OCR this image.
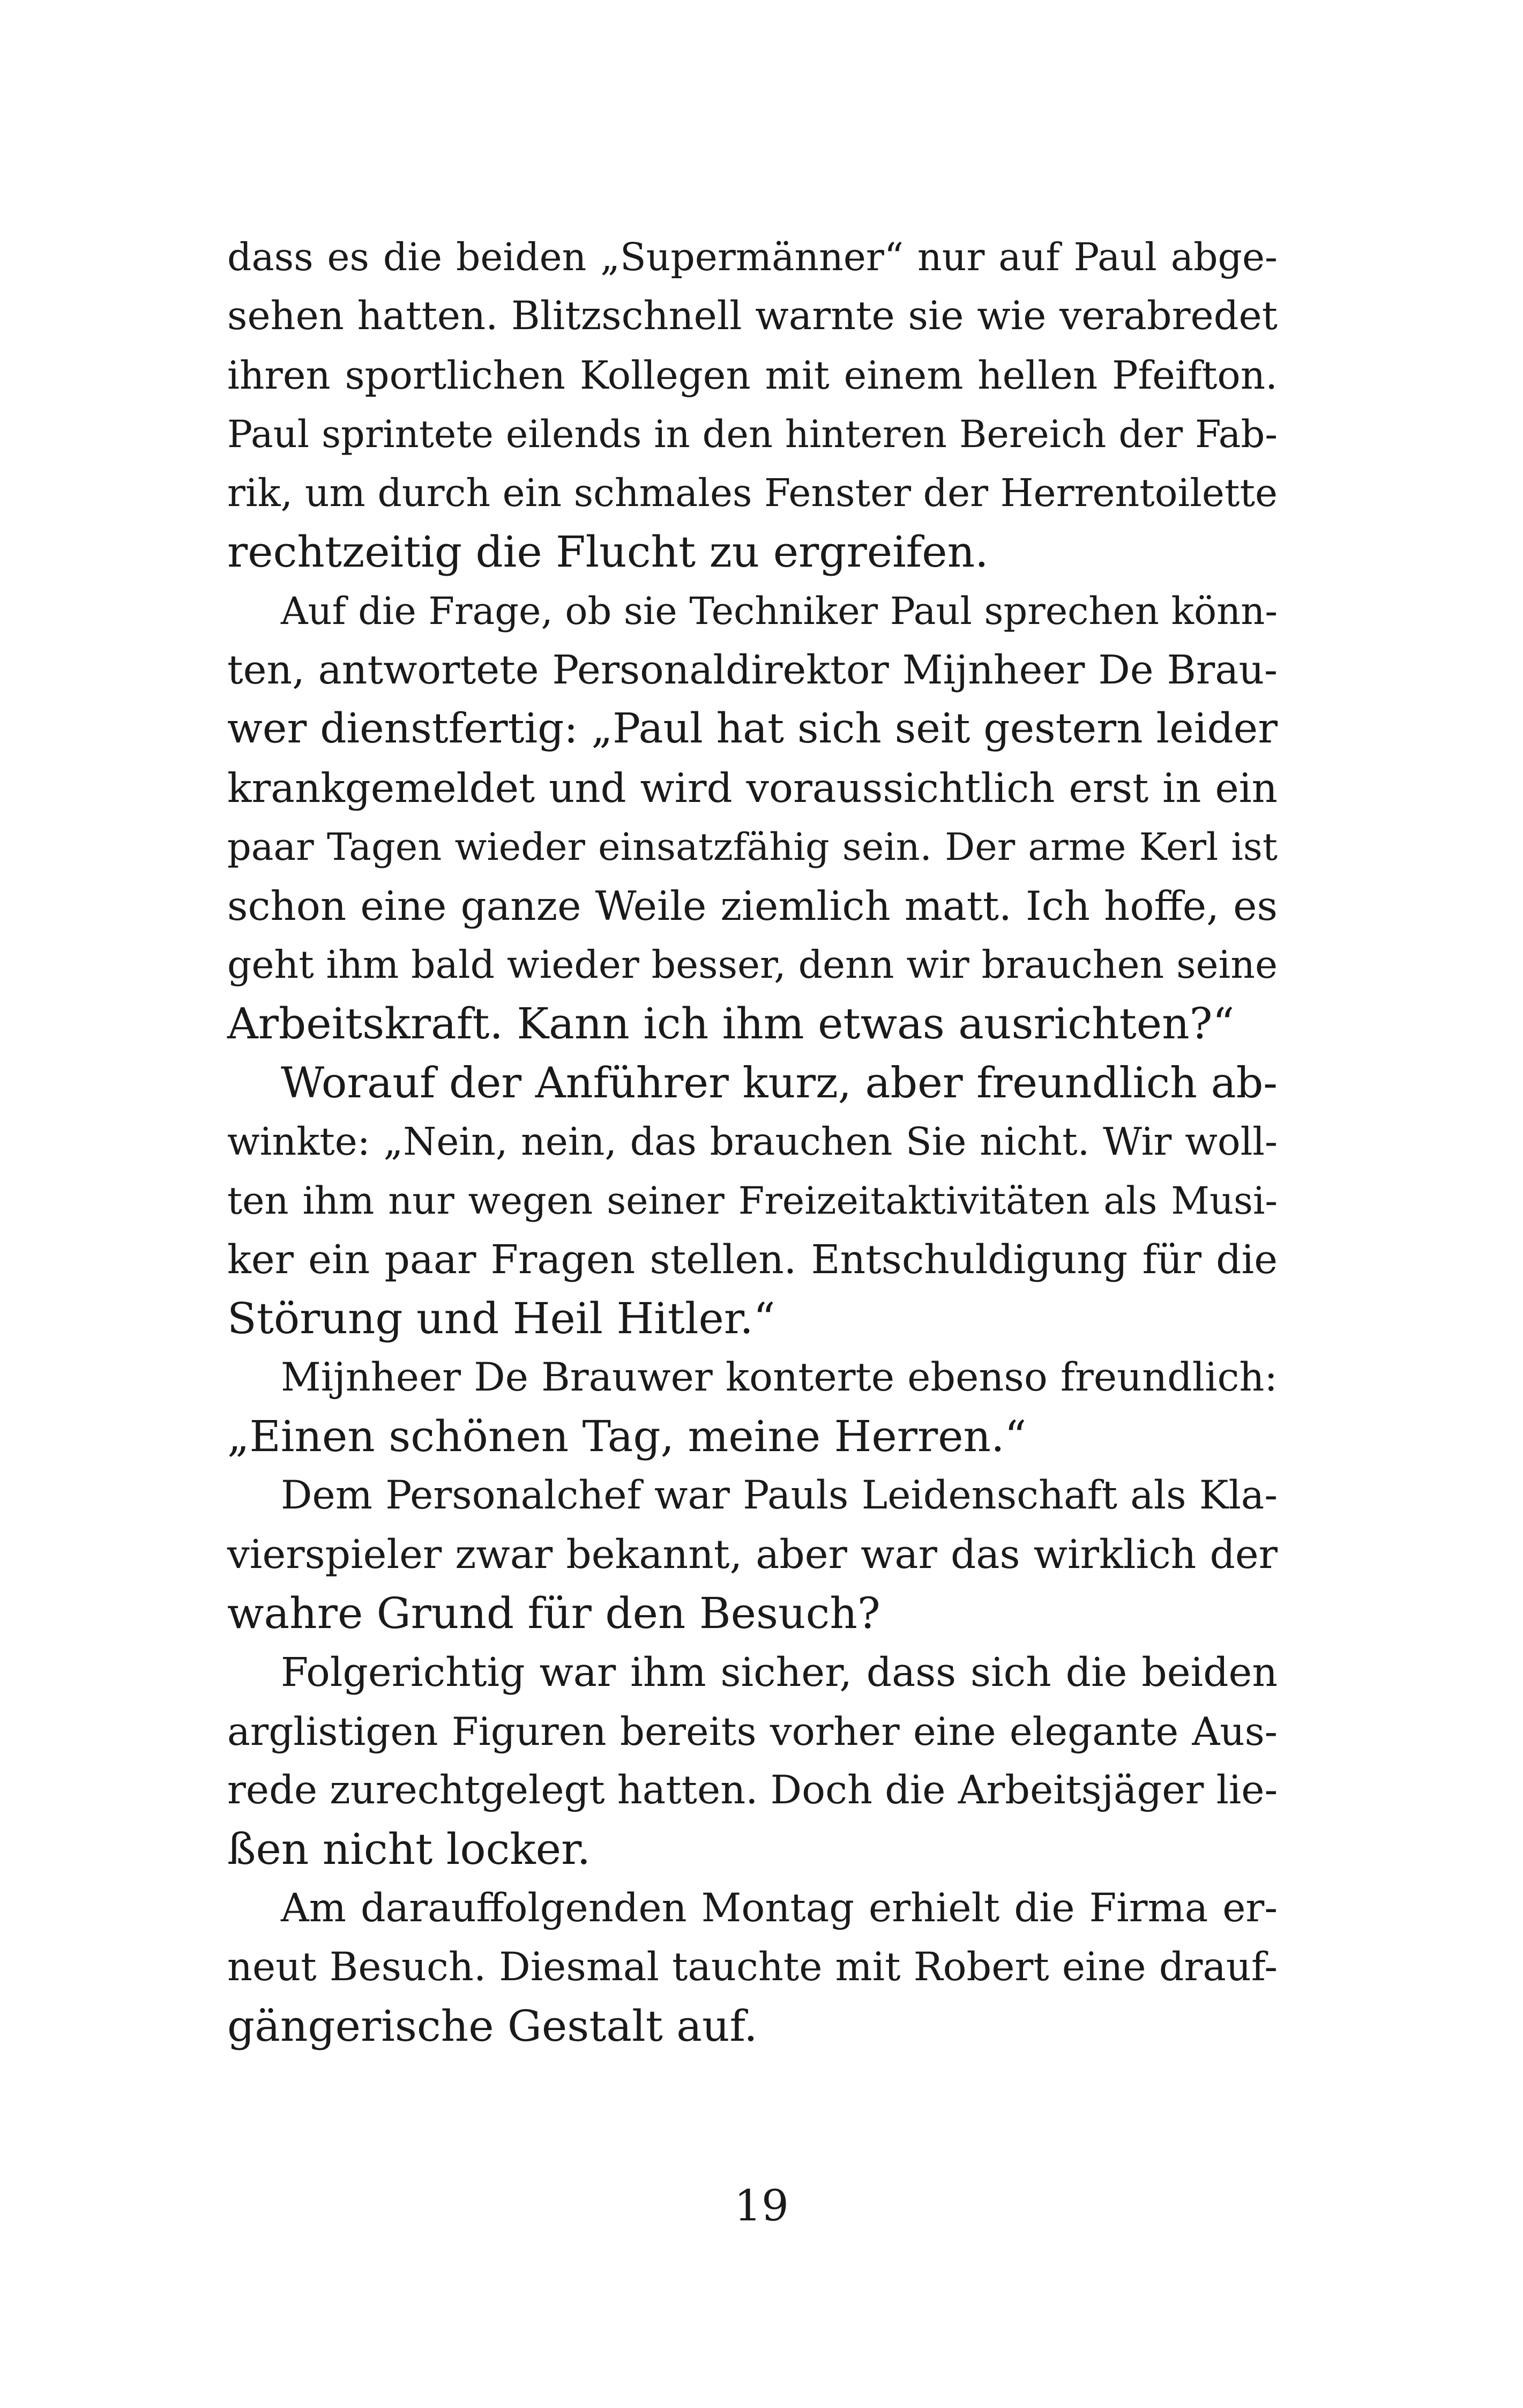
dass es die beiden „Supermänner“ nur auf Paul abge-
sehen hatten. Blitzschnell warnte sie wie verabredet
ihren sportlichen Kollegen mit einem hellen Pfeifton.
Paul sprintete eilends in den hinteren Bereich der Fab-
rik, um durch ein schmales Fenster der Herrentoilette
rechtzeitig die Flucht zu ergreifen.
Auf die Frage, ob sie Techniker Paul sprechen könn-
ten, antwortete Personaldirektor Mijnheer De Brau-
wer dienstfertig: „Paul hat sich seit gestern leider
krankgemeldet und wird voraussichtlich erst in ein
paar Tagen wieder einsatzfähig sein. Der arme Kerl ist
schon eine ganze Weile ziemlich matt. Ich hoffe, es
geht ihm bald wieder besser, denn wir brauchen seine
Arbeitskraft. Kann ich ihm etwas ausrichten?“
Worauf der Anführer kurz, aber freundlich ab-
winkte: „Nein, nein, das brauchen Sie nicht. Wir woll-
ten ihm nur wegen seiner Freizeitaktivitäten als Musi-
ker ein paar Fragen stellen. Entschuldigung für die
Störung und Heil Hitler.“
Mijnheer De Brauwer konterte ebenso freundlich:
„Einen schönen Tag, meine Herren.“
Dem Personalchef war Pauls Leidenschaft als Kla-
vierspieler zwar bekannt, aber war das wirklich der
wahre Grund für den Besuch?
Folgerichtig war ihm sicher, dass sich die beiden
arglistigen Figuren bereits vorher eine elegante Aus-
rede zurechtgelegt hatten. Doch die Arbeitsjäger lie-
ßen nicht locker.
Am darauffolgenden Montag erhielt die Firma er-
neut Besuch. Diesmal tauchte mit Robert eine drauf-
gängerische Gestalt auf.
19
